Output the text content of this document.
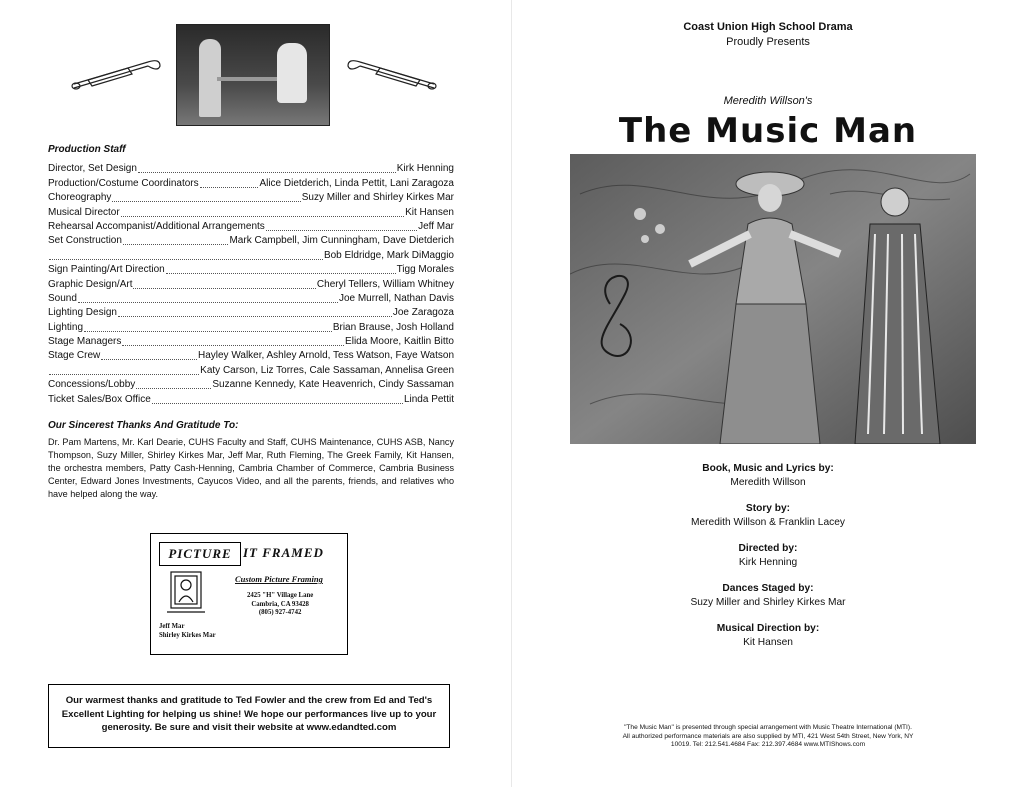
Production Staff
Director, Set Design	Kirk Henning
Production/Costume Coordinators	Alice Dietderich, Linda Pettit, Lani Zaragoza
Choreography	Suzy Miller and Shirley Kirkes Mar
Musical Director	Kit Hansen
Rehearsal Accompanist/Additional Arrangements	Jeff Mar
Set Construction	Mark Campbell, Jim Cunningham, Dave Dietderich
Bob Eldridge, Mark DiMaggio
Sign Painting/Art Direction	Tigg Morales
Graphic Design/Art	Cheryl Tellers, William Whitney
Sound	Joe Murrell, Nathan Davis
Lighting Design	Joe Zaragoza
Lighting	Brian Brause, Josh Holland
Stage Managers	Elida Moore, Kaitlin Bitto
Stage Crew	Hayley Walker, Ashley Arnold, Tess Watson, Faye Watson
Katy Carson, Liz Torres, Cale Sassaman, Annelisa Green
Concessions/Lobby	Suzanne Kennedy, Kate Heavenrich, Cindy Sassaman
Ticket Sales/Box Office	Linda Pettit
Our Sincerest Thanks And Gratitude To:
Dr. Pam Martens, Mr. Karl Dearie, CUHS Faculty and Staff, CUHS Maintenance, CUHS ASB, Nancy Thompson, Suzy Miller, Shirley Kirkes Mar, Jeff Mar, Ruth Fleming, The Greek Family, Kit Hansen, the orchestra members, Patty Cash-Henning, Cambria Chamber of Commerce, Cambria Business Center, Edward Jones Investments, Cayucos Video, and all the parents, friends, and relatives who have helped along the way.
PICTURE IT FRAMED
Custom Picture Framing
2425 "H" Village Lane
Cambria, CA 93428
(805) 927-4742
Jeff Mar
Shirley Kirkes Mar
Our warmest thanks and gratitude to Ted Fowler and the crew from Ed and Ted's Excellent Lighting for helping us shine! We hope our performances live up to your generosity. Be sure and visit their website at www.edandted.com
Coast Union High School Drama
Proudly Presents
Meredith Willson's
The Music Man
Book, Music and Lyrics by:
Meredith Willson
Story by:
Meredith Willson & Franklin Lacey
Directed by:
Kirk Henning
Dances Staged by:
Suzy Miller and Shirley Kirkes Mar
Musical Direction by:
Kit Hansen
"The Music Man" is presented through special arrangement with Music Theatre International (MTI).
All authorized performance materials are also supplied by MTI, 421 West 54th Street, New York, NY
10019. Tel: 212.541.4684 Fax: 212.397.4684 www.MTIShows.com
